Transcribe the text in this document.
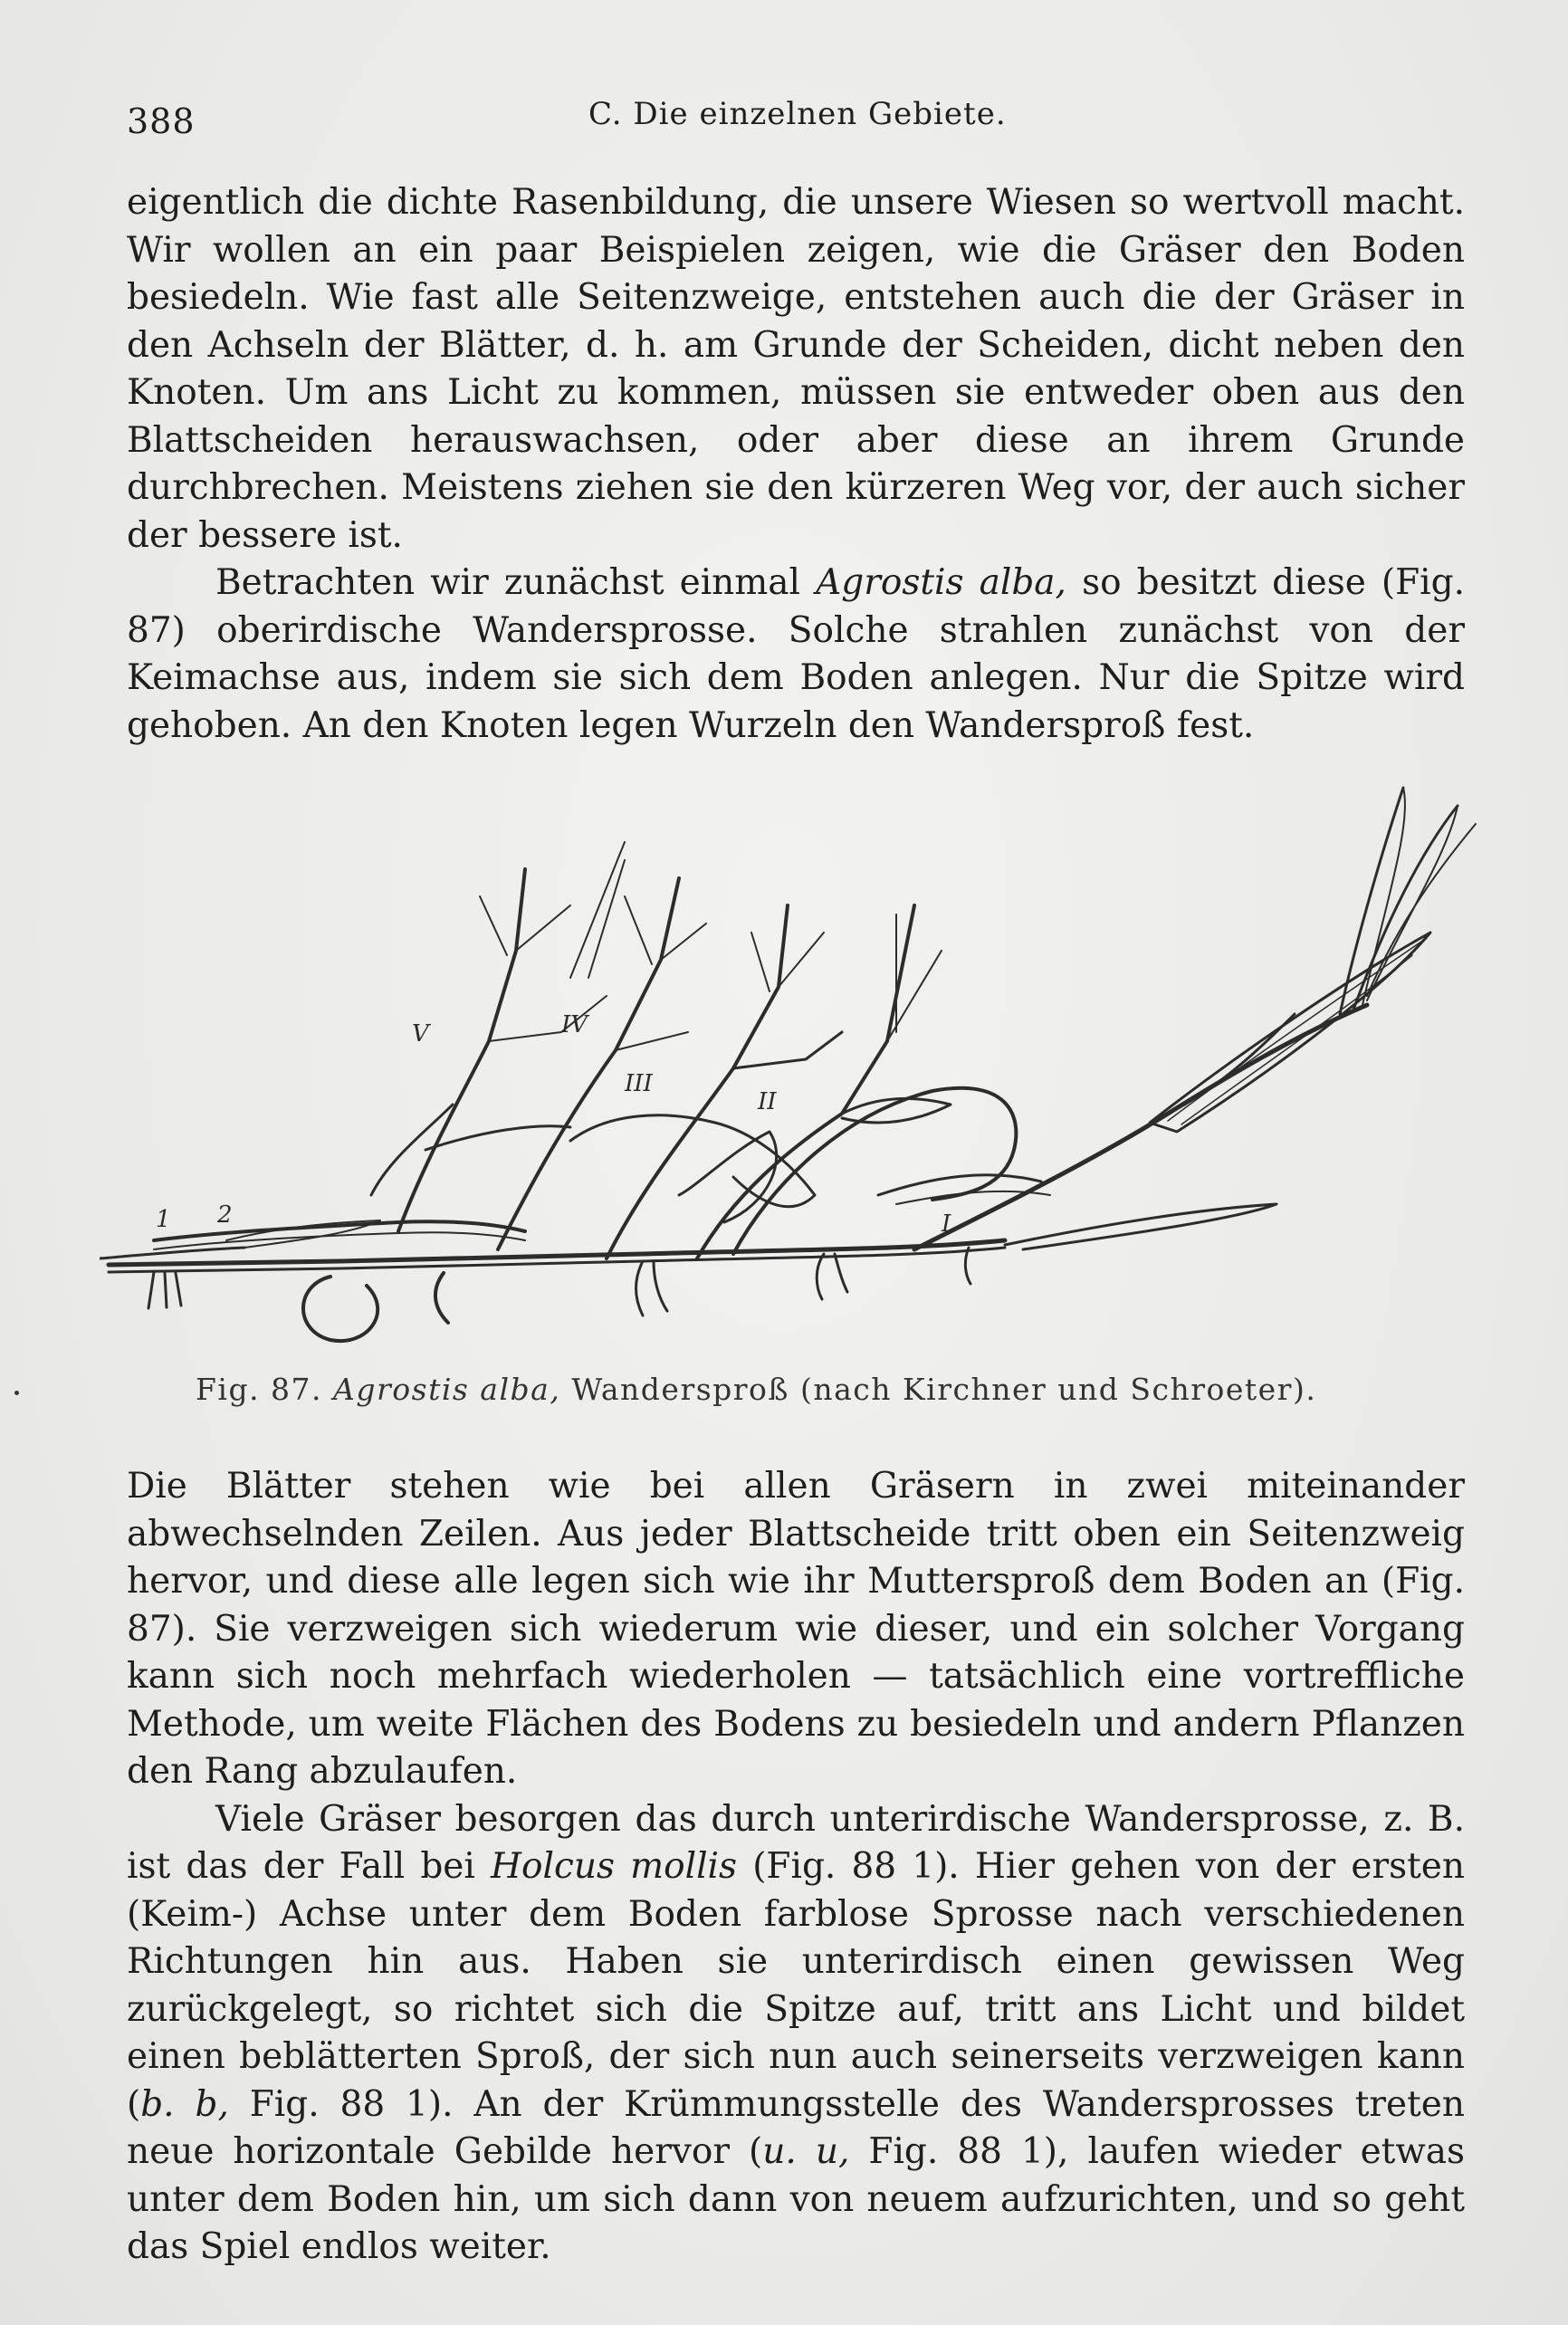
388	C. Die einzelnen Gebiete.

eigentlich die dichte Rasenbildung, die unsere Wiesen so wertvoll macht. Wir wollen an ein paar Beispielen zeigen, wie die Gräser den Boden besiedeln. Wie fast alle Seitenzweige, entstehen auch die der Gräser in den Achseln der Blätter, d. h. am Grunde der Scheiden, dicht neben den Knoten. Um ans Licht zu kommen, müssen sie entweder oben aus den Blattscheiden herauswachsen, oder aber diese an ihrem Grunde durchbrechen. Meistens ziehen sie den kürzeren Weg vor, der auch sicher der bessere ist.

Betrachten wir zunächst einmal Agrostis alba, so besitzt diese (Fig. 87) oberirdische Wandersprosse. Solche strahlen zunächst von der Keimachse aus, indem sie sich dem Boden anlegen. Nur die Spitze wird gehoben. An den Knoten legen Wurzeln den Wandersproß fest.

V	IV
III
II
I
1 2
Fig. 87. Agrostis alba, Wandersproß (nach Kirchner und Schroeter).

Die Blätter stehen wie bei allen Gräsern in zwei miteinander abwechselnden Zeilen. Aus jeder Blattscheide tritt oben ein Seitenzweig hervor, und diese alle legen sich wie ihr Muttersproß dem Boden an (Fig. 87). Sie verzweigen sich wiederum wie dieser, und ein solcher Vorgang kann sich noch mehrfach wiederholen — tatsächlich eine vortreffliche Methode, um weite Flächen des Bodens zu besiedeln und andern Pflanzen den Rang abzulaufen.

Viele Gräser besorgen das durch unterirdische Wandersprosse, z. B. ist das der Fall bei Holcus mollis (Fig. 88 1). Hier gehen von der ersten (Keim-) Achse unter dem Boden farblose Sprosse nach verschiedenen Richtungen hin aus. Haben sie unterirdisch einen gewissen Weg zurückgelegt, so richtet sich die Spitze auf, tritt ans Licht und bildet einen beblätterten Sproß, der sich nun auch seinerseits verzweigen kann (b. b, Fig. 88 1). An der Krümmungsstelle des Wandersprosses treten neue horizontale Gebilde hervor (u. u, Fig. 88 1), laufen wieder etwas unter dem Boden hin, um sich dann von neuem aufzurichten, und so geht das Spiel endlos weiter.
